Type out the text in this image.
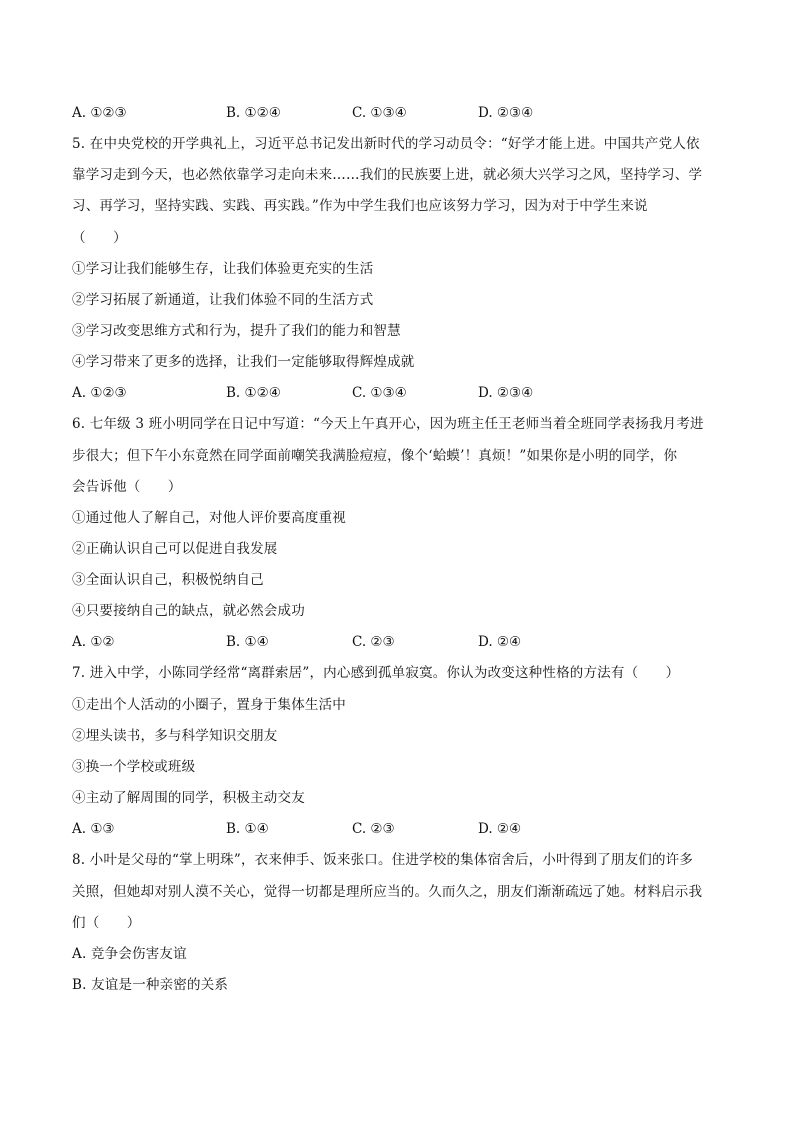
A. ①②③	B. ①②④	C. ①③④	D. ②③④
5. 在中央党校的开学典礼上，习近平总书记发出新时代的学习动员令：“好学才能上进。中国共产党人依
靠学习走到今天，也必然依靠学习走向未来……我们的民族要上进，就必须大兴学习之风，坚持学习、学
习、再学习，坚持实践、实践、再实践。”作为中学生我们也应该努力学习，因为对于中学生来说
（　　）
①学习让我们能够生存，让我们体验更充实的生活
②学习拓展了新通道，让我们体验不同的生活方式
③学习改变思维方式和行为，提升了我们的能力和智慧
④学习带来了更多的选择，让我们一定能够取得辉煌成就
A. ①②③	B. ①②④	C. ①③④	D. ②③④
6. 七年级 3 班小明同学在日记中写道：“今天上午真开心，因为班主任王老师当着全班同学表扬我月考进
步很大；但下午小东竟然在同学面前嘲笑我满脸痘痘，像个‘蛤蟆’！真烦！”如果你是小明的同学，你
会告诉他（　　）
①通过他人了解自己，对他人评价要高度重视
②正确认识自己可以促进自我发展
③全面认识自己，积极悦纳自己
④只要接纳自己的缺点，就必然会成功
A. ①②	B. ①④	C. ②③	D. ②④
7. 进入中学，小陈同学经常“离群索居”，内心感到孤单寂寞。你认为改变这种性格的方法有（　　）
①走出个人活动的小圈子，置身于集体生活中
②埋头读书，多与科学知识交朋友
③换一个学校或班级
④主动了解周围的同学，积极主动交友
A. ①③	B. ①④	C. ②③	D. ②④
8. 小叶是父母的“掌上明珠”，衣来伸手、饭来张口。住进学校的集体宿舍后，小叶得到了朋友们的许多
关照，但她却对别人漠不关心，觉得一切都是理所应当的。久而久之，朋友们渐渐疏远了她。材料启示我
们（　　）
A. 竞争会伤害友谊
B. 友谊是一种亲密的关系
